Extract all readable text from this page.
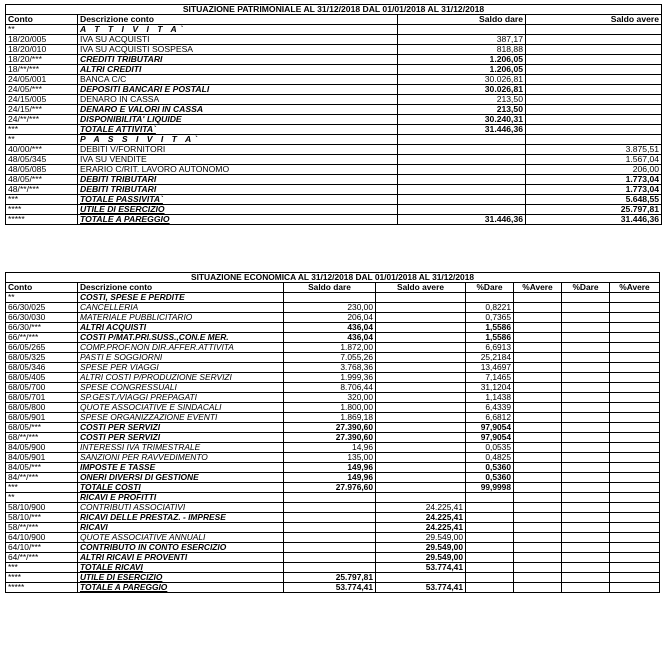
SITUAZIONE PATRIMONIALE AL 31/12/2018 DAL 01/01/2018 AL 31/12/2018			
Conto	Descrizione conto	Saldo dare	Saldo avere
**	A T T I V I T A`		
18/20/005	IVA SU ACQUISTI	387,17	
18/20/010	IVA SU ACQUISTI SOSPESA	818,88	
18/20/***	CREDITI TRIBUTARI	1.206,05	
18/**/***	ALTRI CREDITI	1.206,05	
24/05/001	BANCA C/C	30.026,81	
24/05/***	DEPOSITI BANCARI E POSTALI	30.026,81	
24/15/005	DENARO IN CASSA	213,50	
24/15/***	DENARO E VALORI IN CASSA	213,50	
24/**/***	DISPONIBILITA' LIQUIDE	30.240,31	
***	TOTALE ATTIVITA`	31.446,36	
**	P A S S I V I T A`		
40/00/***	DEBITI V/FORNITORI		3.875,51
48/05/345	IVA SU VENDITE		1.567,04
48/05/085	ERARIO C/RIT. LAVORO AUTONOMO		206,00
48/05/***	DEBITI TRIBUTARI		1.773,04
48/**/***	DEBITI TRIBUTARI		1.773,04
***	TOTALE PASSIVITA`		5.648,55
****	UTILE DI ESERCIZIO		25.797,81
*****	TOTALE A PAREGGIO	31.446,36	31.446,36
SITUAZIONE ECONOMICA AL 31/12/2018 DAL 01/01/2018 AL 31/12/2018							
Conto	Descrizione conto	Saldo dare	Saldo avere	%Dare	%Avere	%Dare	%Avere
**	COSTI, SPESE E PERDITE						
66/30/025	CANCELLERIA	230,00		0,8221			
66/30/030	MATERIALE PUBBLICITARIO	206,04		0,7365			
66/30/***	ALTRI ACQUISTI	436,04		1,5586			
66/**/***	COSTI P/MAT.PRI.SUSS.,CON.E MER.	436,04		1,5586			
66/05/265	COMP.PROF.NON DIR.AFFER.ATTIVITA	1.872,00		6,6913			
68/05/325	PASTI E SOGGIORNI	7.055,26		25,2184			
68/05/346	SPESE PER VIAGGI	3.768,36		13,4697			
68/05/405	ALTRI COSTI P/PRODUZIONE SERVIZI	1.999,36		7,1465			
68/05/700	SPESE CONGRESSUALI	8.706,44		31,1204			
68/05/701	SP.GEST./VIAGGI PREPAGATI	320,00		1,1438			
68/05/800	QUOTE ASSOCIATIVE E SINDACALI	1.800,00		6,4339			
68/05/901	SPESE ORGANIZZAZIONE EVENTI	1.869,18		6,6812			
68/05/***	COSTI PER SERVIZI	27.390,60		97,9054			
68/**/***	COSTI PER SERVIZI	27.390,60		97,9054			
84/05/900	INTERESSI IVA TRIMESTRALE	14,96		0,0535			
84/05/901	SANZIONI PER RAVVEDIMENTO	135,00		0,4825			
84/05/***	IMPOSTE E TASSE	149,96		0,5360			
84/**/***	ONERI DIVERSI DI GESTIONE	149,96		0,5360			
***	TOTALE COSTI	27.976,60		99,9998			
**	RICAVI E PROFITTI						
58/10/900	CONTRIBUTI ASSOCIATIVI		24.225,41				
58/10/***	RICAVI DELLE PRESTAZ. - IMPRESE		24.225,41				
58/**/***	RICAVI		24.225,41				
64/10/900	QUOTE ASSOCIATIVE ANNUALI		29.549,00				
64/10/***	CONTRIBUTO IN CONTO ESERCIZIO		29.549,00				
64/**/***	ALTRI RICAVI E PROVENTI		29.549,00				
***	TOTALE RICAVI		53.774,41				
****	UTILE DI ESERCIZIO	25.797,81					
*****	TOTALE A PAREGGIO	53.774,41	53.774,41				
